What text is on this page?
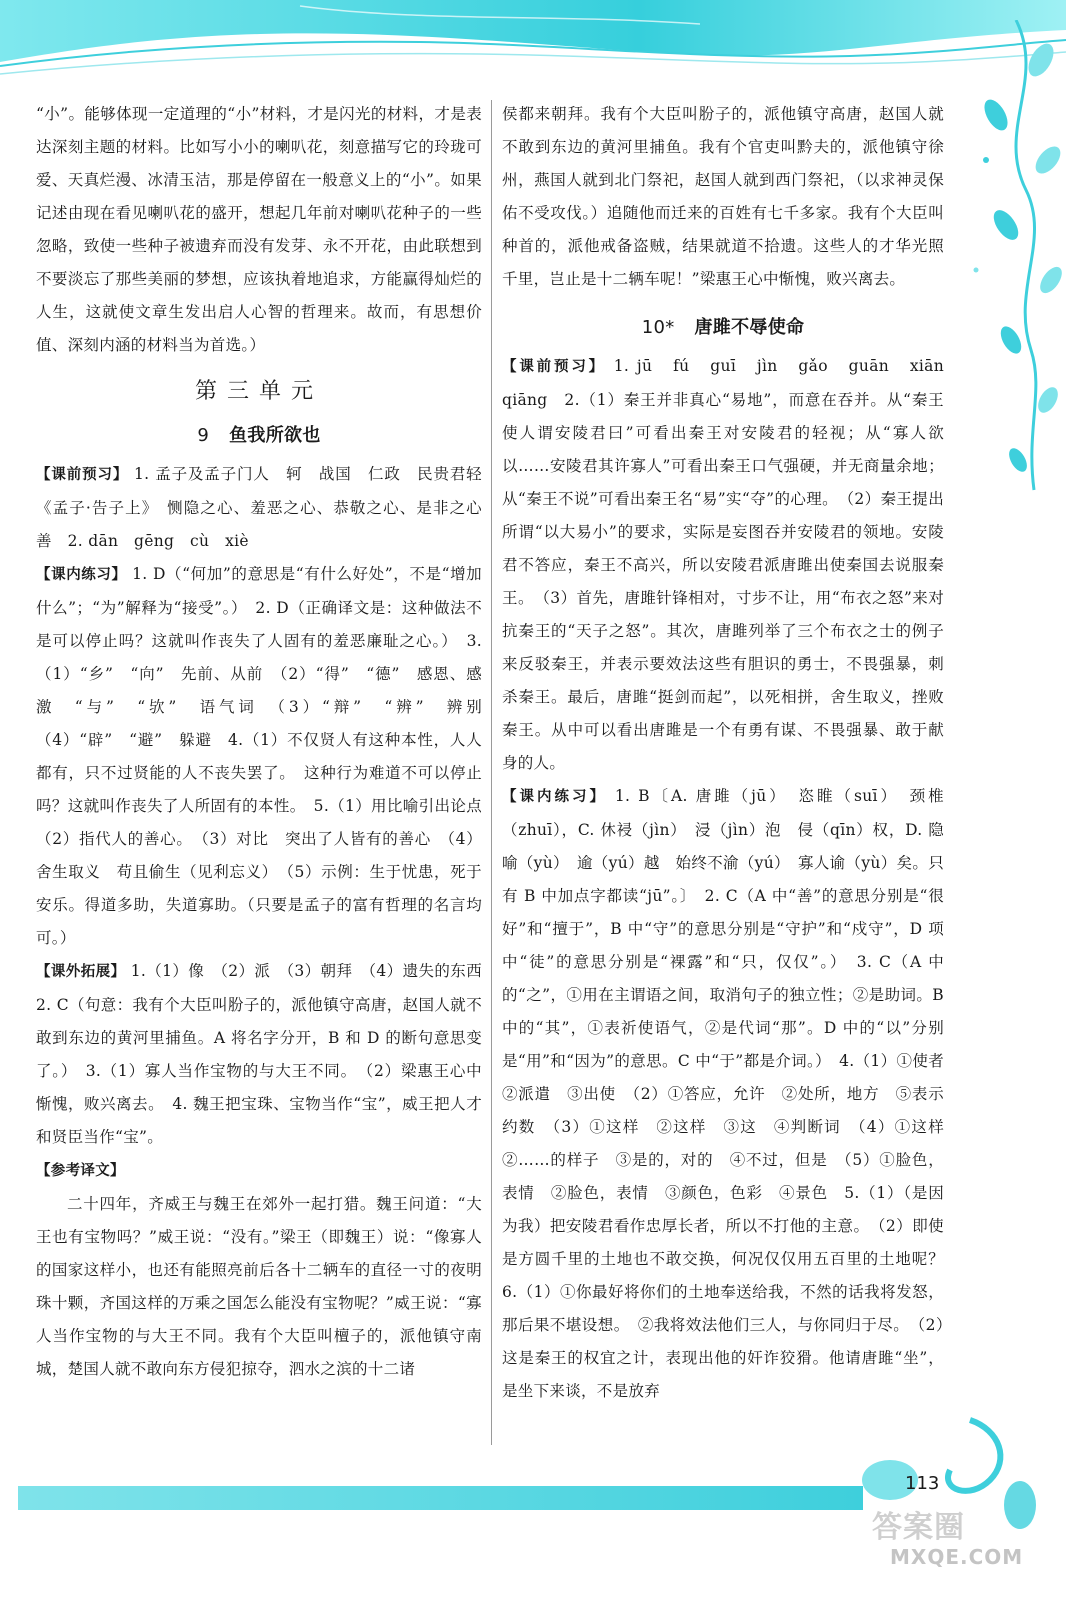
“小”。能够体现一定道理的“小”材料，才是闪光的材料，才是表达深刻主题的材料。比如写小小的喇叭花，刻意描写它的玲珑可爱、天真烂漫、冰清玉洁，那是停留在一般意义上的“小”。如果记述由现在看见喇叭花的盛开，想起几年前对喇叭花种子的一些忽略，致使一些种子被遗弃而没有发芽、永不开花，由此联想到不要淡忘了那些美丽的梦想，应该执着地追求，方能赢得灿烂的人生，这就使文章生发出启人心智的哲理来。故而，有思想价值、深刻内涵的材料当为首选。）

第三单元
9 鱼我所欲也

【课前预习】 1. 孟子及孟子门人　轲　战国　仁政　民贵君轻　《孟子·告子上》　恻隐之心、羞恶之心、恭敬之心、是非之心　善　2. dān　gēng　cù　xiè

【课内练习】 1. D（“何加”的意思是“有什么好处”，不是“增加什么”；“为”解释为“接受”。）　2. D（正确译文是：这种做法不是可以停止吗？这就叫作丧失了人固有的羞恶廉耻之心。）　3.（1）“乡”　“向”　先前、从前　（2）“得”　“德”　感恩、感激　“与”　“欤”　语气词　（3）“辩”　“辨”　辨别　（4）“辟”　“避”　躲避　4.（1）不仅贤人有这种本性，人人都有，只不过贤能的人不丧失罢了。　这种行为难道不可以停止吗？这就叫作丧失了人所固有的本性。　5.（1）用比喻引出论点　（2）指代人的善心。　（3）对比　突出了人皆有的善心　（4）舍生取义　苟且偷生（见利忘义）　（5）示例：生于忧患，死于安乐。得道多助，失道寡助。（只要是孟子的富有哲理的名言均可。）

【课外拓展】 1.（1）像　（2）派　（3）朝拜　（4）遗失的东西　2. C（句意：我有个大臣叫肦子的，派他镇守高唐，赵国人就不敢到东边的黄河里捕鱼。A 将名字分开，B 和 D 的断句意思变了。）　3.（1）寡人当作宝物的与大王不同。　（2）梁惠王心中惭愧，败兴离去。　4. 魏王把宝珠、宝物当作“宝”，威王把人才和贤臣当作“宝”。

【参考译文】

二十四年，齐威王与魏王在郊外一起打猎。魏王问道：“大王也有宝物吗？”威王说：“没有。”梁王（即魏王）说：“像寡人的国家这样小，也还有能照亮前后各十二辆车的直径一寸的夜明珠十颗，齐国这样的万乘之国怎么能没有宝物呢？”威王说：“寡人当作宝物的与大王不同。我有个大臣叫檀子的，派他镇守南城，楚国人就不敢向东方侵犯掠夺，泗水之滨的十二诸

侯都来朝拜。我有个大臣叫肦子的，派他镇守高唐，赵国人就不敢到东边的黄河里捕鱼。我有个官吏叫黔夫的，派他镇守徐州，燕国人就到北门祭祀，赵国人就到西门祭祀，（以求神灵保佑不受攻伐。）追随他而迁来的百姓有七千多家。我有个大臣叫种首的，派他戒备盗贼，结果就道不拾遗。这些人的才华光照千里，岂止是十二辆车呢！”梁惠王心中惭愧，败兴离去。

10* 唐雎不辱使命

【课前预习】 1. jū　fú　guī　jìn　gǎo　guān　xiān　qiāng　2.（1）秦王并非真心“易地”，而意在吞并。从“秦王使人谓安陵君曰”可看出秦王对安陵君的轻视；从“寡人欲以……安陵君其许寡人”可看出秦王口气强硬，并无商量余地；从“秦王不说”可看出秦王名“易”实“夺”的心理。　（2）秦王提出所谓“以大易小”的要求，实际是妄图吞并安陵君的领地。安陵君不答应，秦王不高兴，所以安陵君派唐雎出使秦国去说服秦王。　（3）首先，唐雎针锋相对，寸步不让，用“布衣之怒”来对抗秦王的“天子之怒”。其次，唐雎列举了三个布衣之士的例子来反驳秦王，并表示要效法这些有胆识的勇士，不畏强暴，刺杀秦王。最后，唐雎“挺剑而起”，以死相拼，舍生取义，挫败秦王。从中可以看出唐雎是一个有勇有谋、不畏强暴、敢于献身的人。

【课内练习】 1. B〔A. 唐雎（jū）　恣睢（suī）　颈椎（zhuī），C. 休祲（jìn）　浸（jìn）泡　侵（qīn）权，D. 隐喻（yù）　逾（yú）越　始终不渝（yú）　寡人谕（yù）矣。只有 B 中加点字都读“jū”。〕　2. C（A 中“善”的意思分别是“很好”和“擅于”，B 中“守”的意思分别是“守护”和“戍守”，D 项中“徒”的意思分别是“裸露”和“只，仅仅”。）　3. C（A 中的“之”，①用在主谓语之间，取消句子的独立性；②是助词。B 中的“其”，①表祈使语气，②是代词“那”。D 中的“以”分别是“用”和“因为”的意思。C 中“于”都是介词。）　4.（1）①使者　②派遣　③出使　（2）①答应，允许　②处所，地方　⑤表示约数　（3）①这样　②这样　③这　④判断词　（4）①这样　②……的样子　③是的，对的　④不过，但是　（5）①脸色，表情　②脸色，表情　③颜色，色彩　④景色　5.（1）（是因为我）把安陵君看作忠厚长者，所以不打他的主意。　（2）即使是方圆千里的土地也不敢交换，何况仅仅用五百里的土地呢？　6.（1）①你最好将你们的土地奉送给我，不然的话我将发怒，那后果不堪设想。　②我将效法他们三人，与你同归于尽。　（2）这是秦王的权宜之计，表现出他的奸诈狡猾。他请唐雎“坐”，是坐下来谈，不是放弃

113
答案圈
MXQE.COM
